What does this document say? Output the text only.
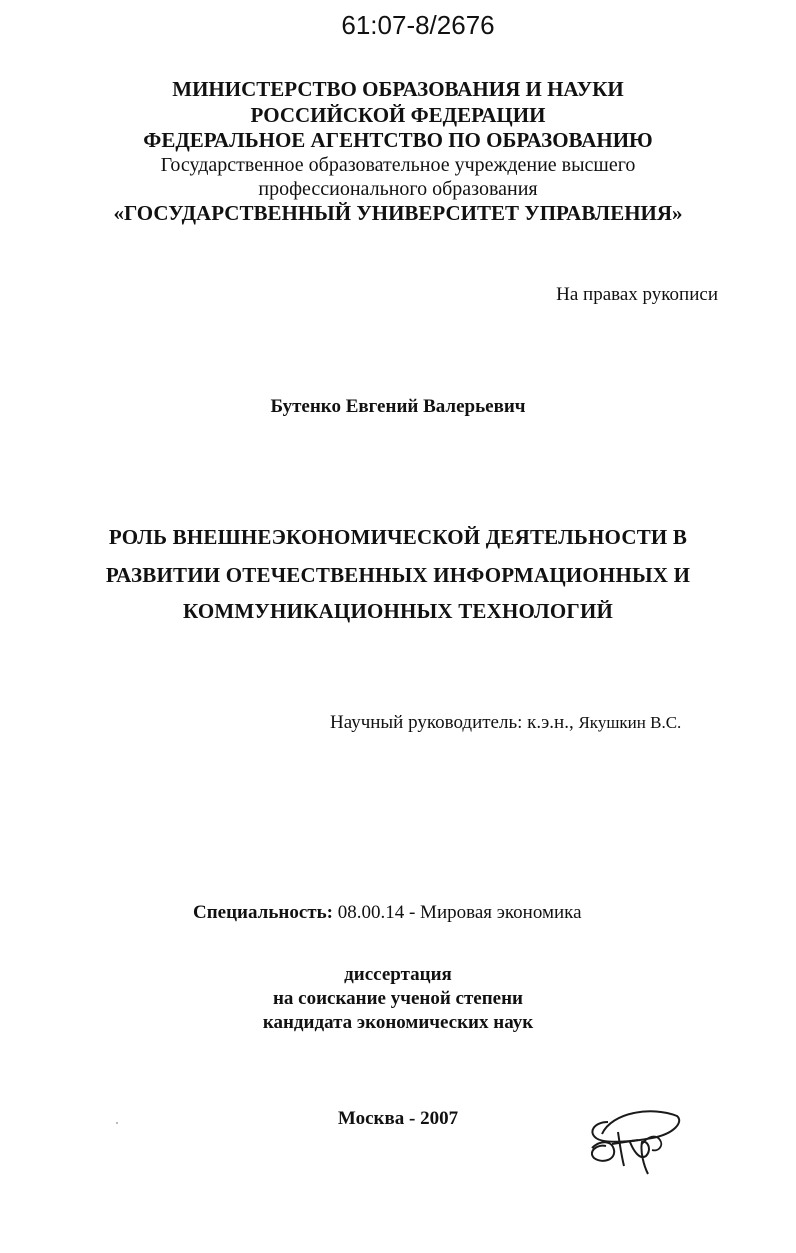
61:07-8/2676
МИНИСТЕРСТВО ОБРАЗОВАНИЯ И НАУКИ
РОССИЙСКОЙ ФЕДЕРАЦИИ
ФЕДЕРАЛЬНОЕ АГЕНТСТВО ПО ОБРАЗОВАНИЮ
Государственное образовательное учреждение высшего
профессионального образования
«ГОСУДАРСТВЕННЫЙ УНИВЕРСИТЕТ УПРАВЛЕНИЯ»
На правах рукописи
Бутенко Евгений Валерьевич
РОЛЬ ВНЕШНЕЭКОНОМИЧЕСКОЙ ДЕЯТЕЛЬНОСТИ В
РАЗВИТИИ ОТЕЧЕСТВЕННЫХ ИНФОРМАЦИОННЫХ И
КОММУНИКАЦИОННЫХ ТЕХНОЛОГИЙ
Научный руководитель: к.э.н., Якушкин В.С.
Специальность: 08.00.14 - Мировая экономика
диссертация
на соискание ученой степени
кандидата экономических наук
Москва - 2007
